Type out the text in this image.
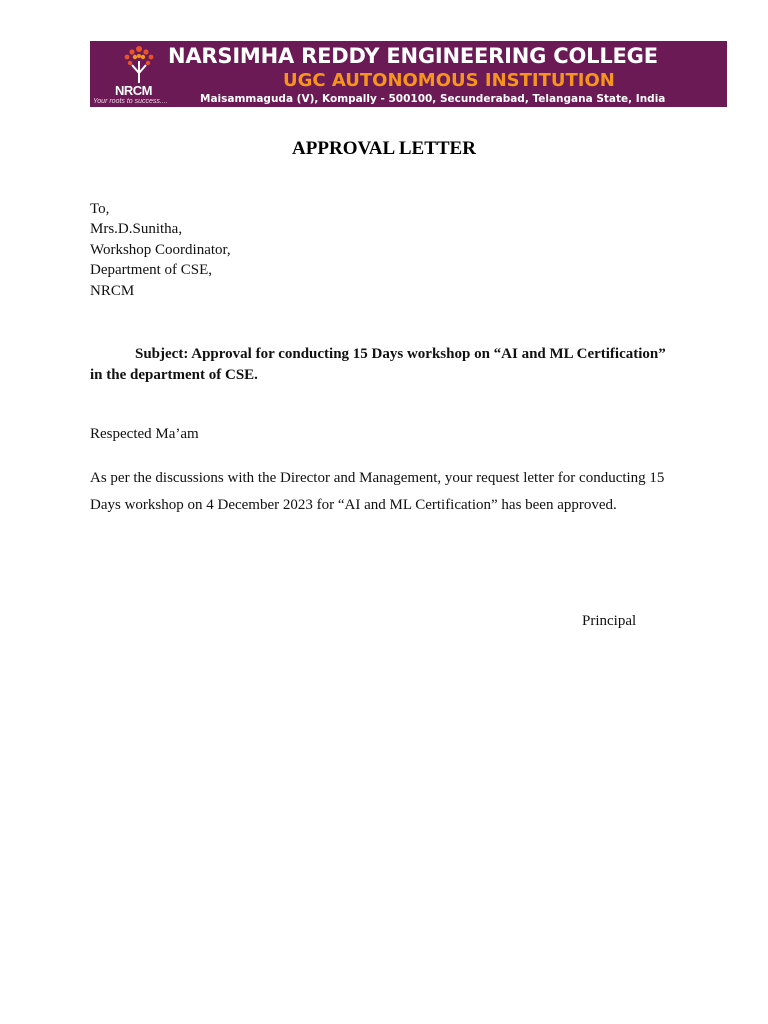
NRCM
Your roots to success....
NARSIMHA REDDY ENGINEERING COLLEGE
UGC AUTONOMOUS INSTITUTION
Maisammaguda (V), Kompally - 500100, Secunderabad, Telangana State, India
APPROVAL LETTER
To,
Mrs.D.Sunitha,
Workshop Coordinator,
Department of CSE,
NRCM
Subject: Approval for conducting 15 Days workshop on “AI and ML Certification” in the department of CSE.
Respected Ma’am
As per the discussions with the Director and Management, your request letter for conducting 15 Days workshop on 4 December 2023 for “AI and ML Certification” has been approved.
Principal
